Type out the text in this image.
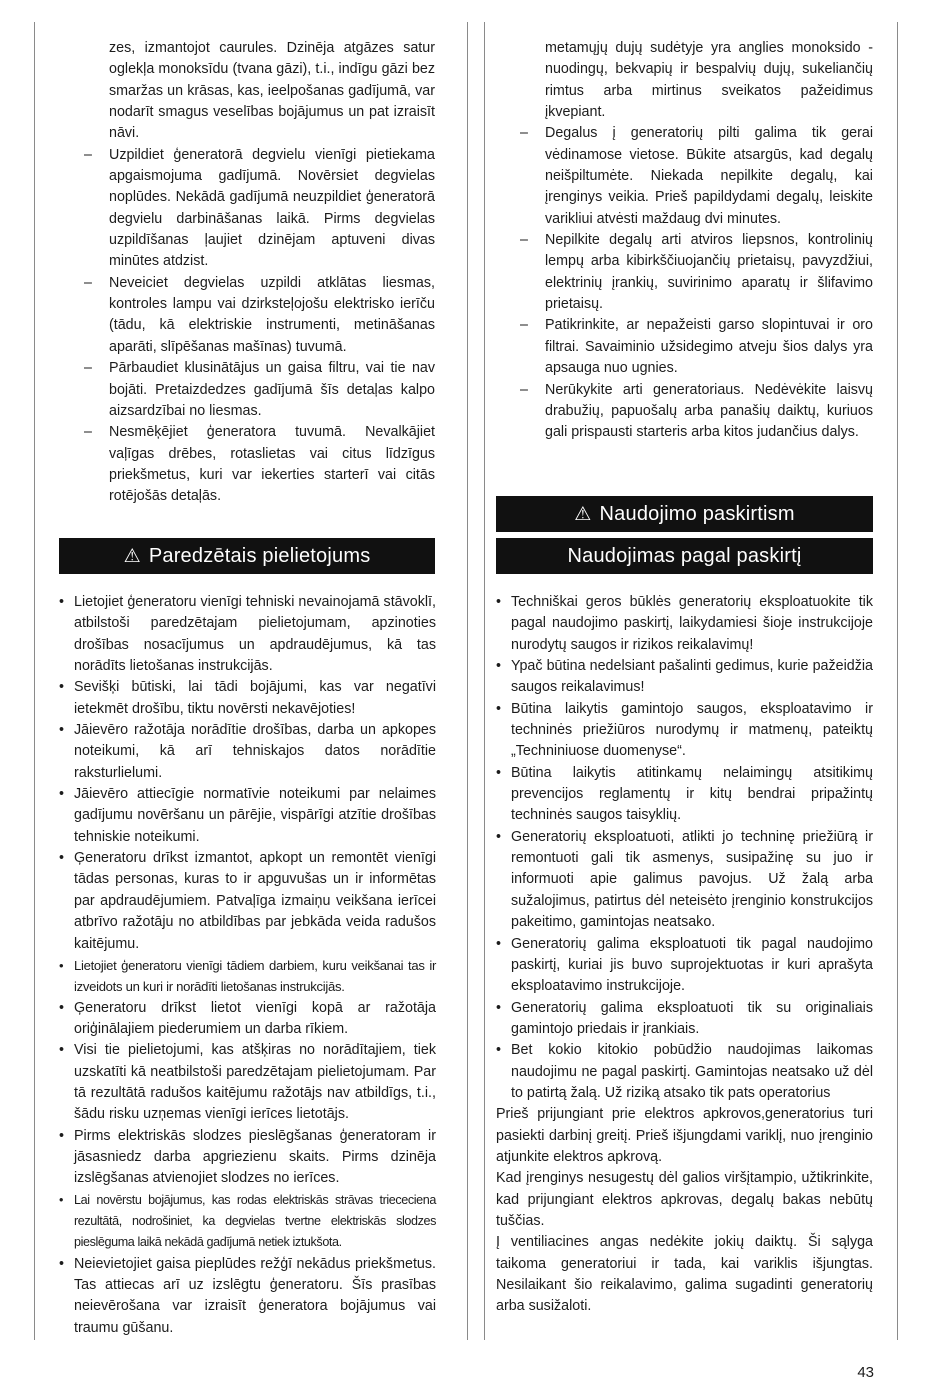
zes, izmantojot caurules. Dzinēja atgāzes satur oglekļa monoksīdu (tvana gāzi), t.i., indīgu gāzi bez smaržas un krāsas, kas, ieelpošanas gadījumā, var nodarīt smagus veselības bojājumus un pat izraisīt nāvi.
– Uzpildiet ģeneratorā degvielu vienīgi pietiekama apgaismojuma gadījumā. Novērsiet degvielas noplūdes. Nekādā gadījumā neuzpildiet ģeneratorā degvielu darbināšanas laikā. Pirms degvielas uzpildīšanas ļaujiet dzinējam aptuveni divas minūtes atdzist.
– Neveiciet degvielas uzpildi atklātas liesmas, kontroles lampu vai dzirksteļojošu elektrisko ierīču (tādu, kā elektriskie instrumenti, metināšanas aparāti, slīpēšanas mašīnas) tuvumā.
– Pārbaudiet klusinātājus un gaisa filtru, vai tie nav bojāti. Pretaizdedzes gadījumā šīs detaļas kalpo aizsardzībai no liesmas.
– Nesmēķējiet ģeneratora tuvumā. Nevalkājiet vaļīgas drēbes, rotaslietas vai citus līdzīgus priekšmetus, kuri var iekerties starterī vai citās rotējošās detaļās.
⚠ Paredzētais pielietojums
• Lietojiet ģeneratoru vienīgi tehniski nevainojamā stāvoklī, atbilstoši paredzētajam pielietojumam, apzinoties drošības nosacījumus un apdraudējumus, kā tas norādīts lietošanas instrukcijās.
• Sevišķi būtiski, lai tādi bojājumi, kas var negatīvi ietekmēt drošību, tiktu novērsti nekavējoties!
• Jāievēro ražotāja norādītie drošības, darba un apkopes noteikumi, kā arī tehniskajos datos norādītie raksturlielumi.
• Jāievēro attiecīgie normatīvie noteikumi par nelaimes gadījumu novēršanu un pārējie, vispārīgi atzītie drošības tehniskie noteikumi.
• Ģeneratoru drīkst izmantot, apkopt un remontēt vienīgi tādas personas, kuras to ir apguvušas un ir informētas par apdraudējumiem. Patvaļīga izmaiņu veikšana ierīcei atbrīvo ražotāju no atbildības par jebkāda veida radušos kaitējumu.
• Lietojiet ģeneratoru vienīgi tādiem darbiem, kuru veikšanai tas ir izveidots un kuri ir norādīti lietošanas instrukcijās.
• Ģeneratoru drīkst lietot vienīgi kopā ar ražotāja oriģinālajiem piederumiem un darba rīkiem.
• Visi tie pielietojumi, kas atšķiras no norādītajiem, tiek uzskatīti kā neatbilstoši paredzētajam pielietojumam. Par tā rezultātā radušos kaitējumu ražotājs nav atbildīgs, t.i., šādu risku uzņemas vienīgi ierīces lietotājs.
• Pirms elektriskās slodzes pieslēgšanas ģeneratoram ir jāsasniedz darba apgriezienu skaits. Pirms dzinēja izslēgšanas atvienojiet slodzes no ierīces.
• Lai novērstu bojājumus, kas rodas elektriskās strāvas triececiena rezultātā, nodrošiniet, ka degvielas tvertne elektriskās slodzes pieslēguma laikā nekādā gadījumā netiek iztukšota.
• Neievietojiet gaisa pieplūdes režģī nekādus priekšmetus. Tas attiecas arī uz izslēgtu ģeneratoru. Šīs prasības neievērošana var izraisīt ģeneratora bojājumus vai traumu gūšanu.
metamųjų dujų sudėtyje yra anglies monoksido - nuodingų, bekvapių ir bespalvių dujų, sukeliančių rimtus arba mirtinus sveikatos pažeidimus įkvepiant.
– Degalus į generatorių pilti galima tik gerai vėdinamose vietose. Būkite atsargūs, kad degalų neišpiltumėte. Niekada nepilkite degalų, kai įrenginys veikia. Prieš papildydami degalų, leiskite varikliui atvėsti maždaug dvi minutes.
– Nepilkite degalų arti atviros liepsnos, kontrolinių lempų arba kibirkščiuojančių prietaisų, pavyzdžiui, elektrinių įrankių, suvirinimo aparatų ir šlifavimo prietaisų.
– Patikrinkite, ar nepažeisti garso slopintuvai ir oro filtrai. Savaiminio užsidegimo atveju šios dalys yra apsauga nuo ugnies.
– Nerūkykite arti generatoriaus. Nedėvėkite laisvų drabužių, papuošalų arba panašių daiktų, kuriuos gali prispausti starteris arba kitos judančius dalys.
⚠ Naudojimo paskirtism
Naudojimas pagal paskirtį
• Techniškai geros būklės generatorių eksploatuokite tik pagal naudojimo paskirtį, laikydamiesi šioje instrukcijoje nurodytų saugos ir rizikos reikalavimų!
• Ypač būtina nedelsiant pašalinti gedimus, kurie pažeidžia saugos reikalavimus!
• Būtina laikytis gamintojo saugos, eksploatavimo ir techninės priežiūros nurodymų ir matmenų, pateiktų „Techniniuose duomenyse“.
• Būtina laikytis atitinkamų nelaimingų atsitikimų prevencijos reglamentų ir kitų bendrai pripažintų techninės saugos taisyklių.
• Generatorių eksploatuoti, atlikti jo techninę priežiūrą ir remontuoti gali tik asmenys, susipažinę su juo ir informuoti apie galimus pavojus. Už žalą arba sužalojimus, patirtus dėl neteisėto įrenginio konstrukcijos pakeitimo, gamintojas neatsako.
• Generatorių galima eksploatuoti tik pagal naudojimo paskirtį, kuriai jis buvo suprojektuotas ir kuri aprašyta eksploatavimo instrukcijoje.
• Generatorių galima eksploatuoti tik su originaliais gamintojo priedais ir įrankiais.
• Bet kokio kitokio pobūdžio naudojimas laikomas naudojimu ne pagal paskirtį. Gamintojas neatsako už dėl to patirtą žalą. Už riziką atsako tik pats operatorius
Prieš prijungiant prie elektros apkrovos,generatorius turi pasiekti darbinį greitį. Prieš išjungdami variklį, nuo įrenginio atjunkite elektros apkrovą.
Kad įrenginys nesugestų dėl galios viršįtampio, užtikrinkite, kad prijungiant elektros apkrovas, degalų bakas nebūtų tuščias.
Į ventiliacines angas nedėkite jokių daiktų. Ši sąlyga taikoma generatoriui ir tada, kai variklis išjungtas. Nesilaikant šio reikalavimo, galima sugadinti generatorių arba susižaloti.
43
